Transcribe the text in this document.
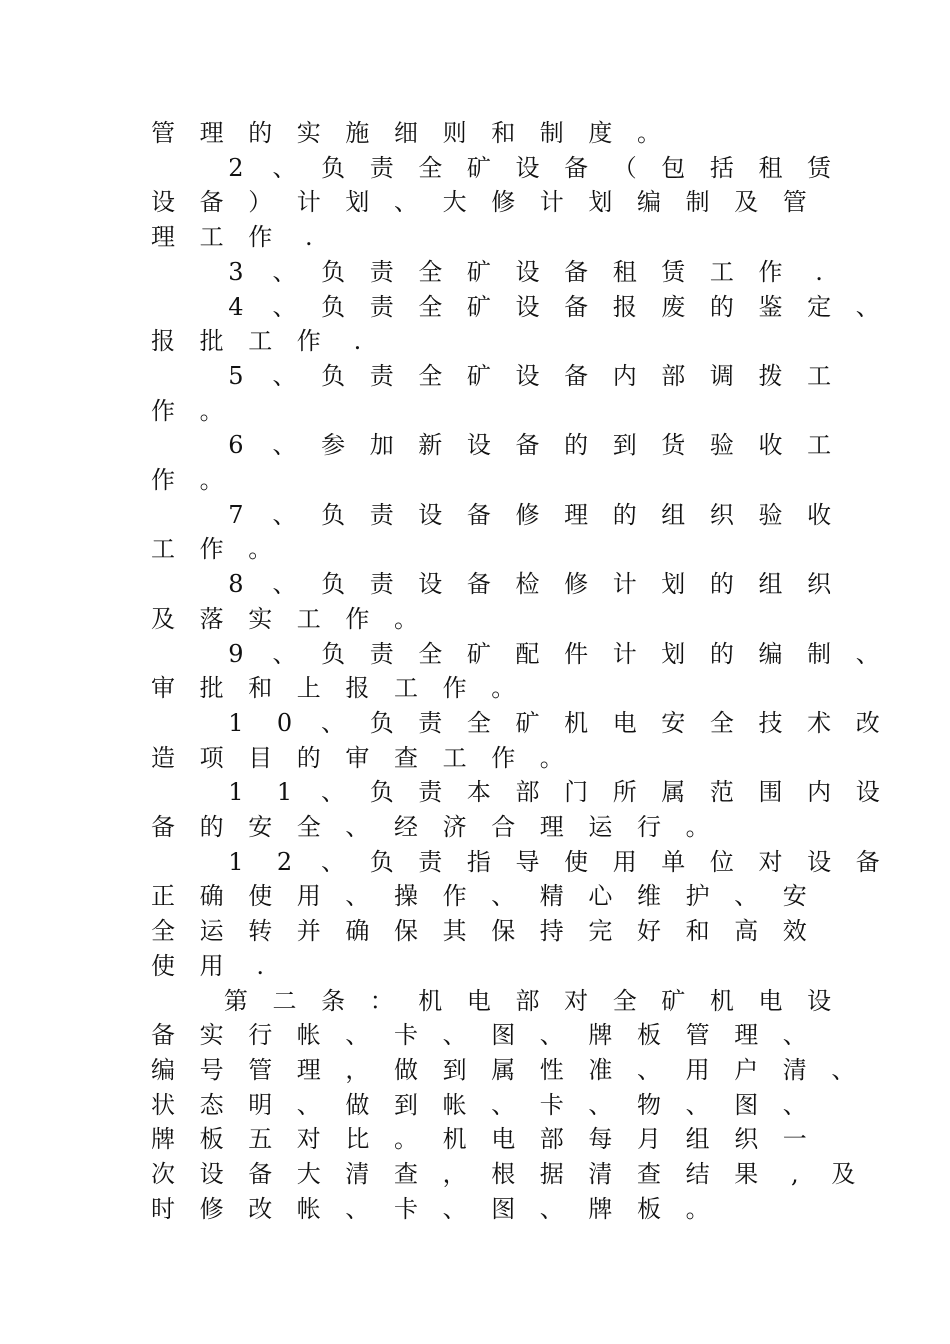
管 理 的 实 施 细 则 和 制 度 。
2	、 负 责 全 矿 设 备 （ 包 括 租 赁
设 备 ） 计 划 、 大 修 计 划 编 制 及 管
理 工 作	.
3	、 负 责 全 矿 设 备 租 赁 工 作	.
4	、 负 责 全 矿 设 备 报 废 的 鉴 定 、
报 批 工 作	.
5	、 负 责 全 矿 设 备 内 部 调 拨 工
作 。
6	、 参 加 新 设 备 的 到 货 验 收 工
作 。
7	、 负 责 设 备 修 理 的 组 织 验 收
工 作 。
8	、 负 责 设 备 检 修 计 划 的 组 织
及 落 实 工 作 。
9	、 负 责 全 矿 配 件 计 划 的 编 制 、
审 批 和 上 报 工 作 。
1	0	、 负 责 全 矿 机 电 安 全 技 术 改
造 项 目 的 审 查 工 作 。
1	1	、 负 责 本 部 门 所 属 范 围 内 设
备 的 安 全 、 经 济 合 理 运 行 。
1	2	、 负 责 指 导 使 用 单 位 对 设 备
正 确 使 用 、 操 作 、 精 心 维 护 、 安
全 运 转 并 确 保 其 保 持 完 好 和 高 效
使 用	.
第 二 条 ： 机 电 部 对 全 矿 机 电 设
备 实 行 帐 、 卡 、 图 、 牌 板 管 理 、
编 号 管 理 ， 做 到 属 性 准 、 用 户 清 、
状 态 明 、 做 到 帐 、 卡 、 物 、 图 、
牌 板 五 对 比 。 机 电 部 每 月 组 织 一
次 设 备 大 清 查 ， 根 据 清 查 结 果	,	及
时 修 改 帐 、 卡 、 图 、 牌 板 。
